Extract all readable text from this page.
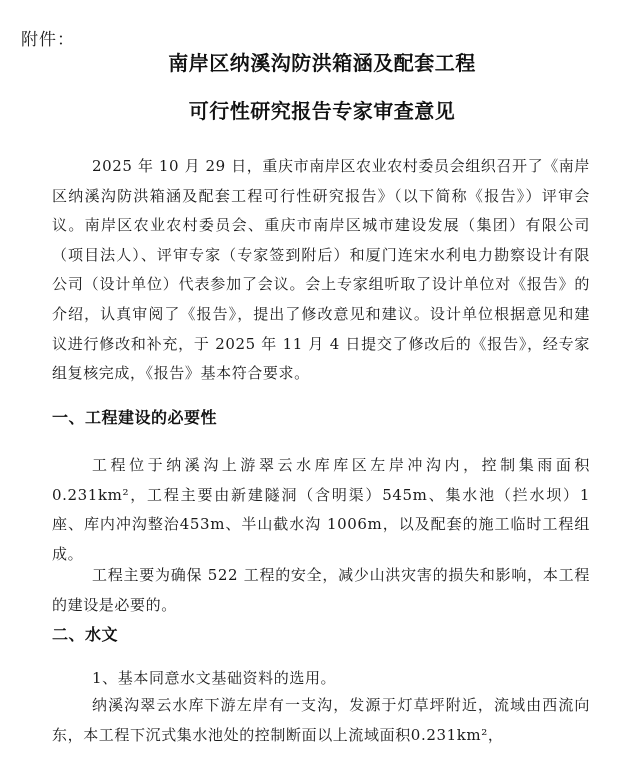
附件：
南岸区纳溪沟防洪箱涵及配套工程
可行性研究报告专家审查意见

2025 年 10 月 29 日，重庆市南岸区农业农村委员会组织召开了《南岸区纳溪沟防洪箱涵及配套工程可行性研究报告》（以下简称《报告》）评审会议。南岸区农业农村委员会、重庆市南岸区城市建设发展（集团）有限公司（项目法人）、评审专家（专家签到附后）和厦门连宋水利电力勘察设计有限公司（设计单位）代表参加了会议。会上专家组听取了设计单位对《报告》的介绍，认真审阅了《报告》，提出了修改意见和建议。设计单位根据意见和建议进行修改和补充，于 2025 年 11 月 4 日提交了修改后的《报告》，经专家组复核完成，《报告》基本符合要求。

一、工程建设的必要性

工程位于纳溪沟上游翠云水库库区左岸冲沟内，控制集雨面积 0.231km²，工程主要由新建隧洞（含明渠）545m、集水池（拦水坝）1 座、库内冲沟整治453m、半山截水沟 1006m，以及配套的施工临时工程组成。

工程主要为确保 522 工程的安全，减少山洪灾害的损失和影响，本工程的建设是必要的。

二、水文

1、基本同意水文基础资料的选用。

纳溪沟翠云水库下游左岸有一支沟，发源于灯草坪附近，流域由西流向东，本工程下沉式集水池处的控制断面以上流域面积0.231km²，
